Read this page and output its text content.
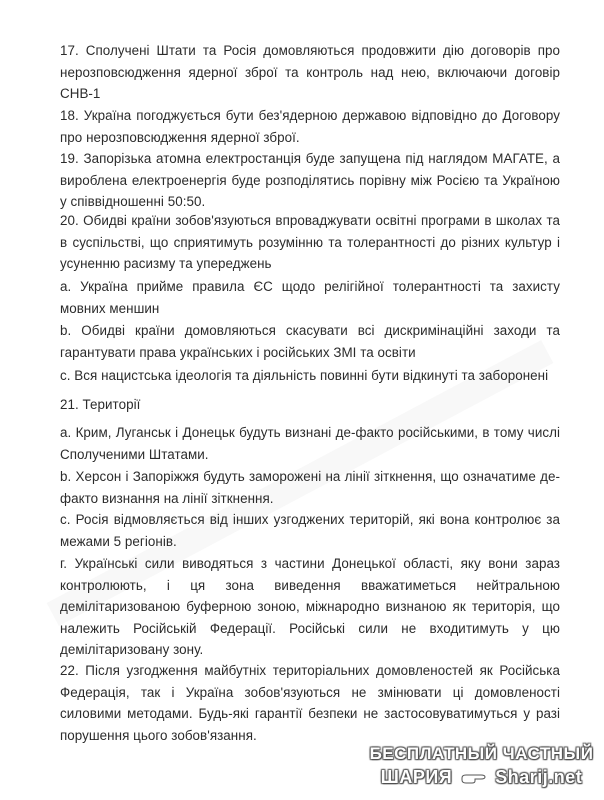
17. Сполучені Штати та Росія домовляються продовжити дію договорів про нерозповсюдження ядерної зброї та контроль над нею, включаючи договір СНВ-1

18. Україна погоджується бути без'ядерною державою відповідно до Договору про нерозповсюдження ядерної зброї.

19. Запорізька атомна електростанція буде запущена під наглядом МАГАТЕ, а вироблена електроенергія буде розподілятись порівну між Росією та Україною у співвідношенні 50:50.

20. Обидві країни зобов'язуються впроваджувати освітні програми в школах та в суспільстві, що сприятимуть розумінню та толерантності до різних культур і усуненню расизму та упереджень

a. Україна прийме правила ЄС щодо релігійної толерантності та захисту мовних меншин

b. Обидві країни домовляються скасувати всі дискримінаційні заходи та гарантувати права українських і російських ЗМІ та освіти

c. Вся нацистська ідеологія та діяльність повинні бути відкинуті та заборонені

21. Території

a. Крим, Луганськ і Донецьк будуть визнані де-факто російськими, в тому числі Сполученими Штатами.

b. Херсон і Запоріжжя будуть заморожені на лінії зіткнення, що означатиме де-факто визнання на лінії зіткнення.

c. Росія відмовляється від інших узгоджених територій, які вона контролює за межами 5 регіонів.

г. Українські сили виводяться з частини Донецької області, яку вони зараз контролюють, і ця зона виведення вважатиметься нейтральною демілітаризованою буферною зоною, міжнародно визнаною як територія, що належить Російській Федерації. Російські сили не входитимуть у цю демілітаризовану зону.

22. Після узгодження майбутніх територіальних домовленостей як Російська Федерація, так і Україна зобов'язуються не змінювати ці домовленості силовими методами. Будь-які гарантії безпеки не застосовуватимуться у разі порушення цього зобов'язання.

БЕСПЛАТНЫЙ ЧАСТНЫЙ
ШАРИЯ Sharij.net
